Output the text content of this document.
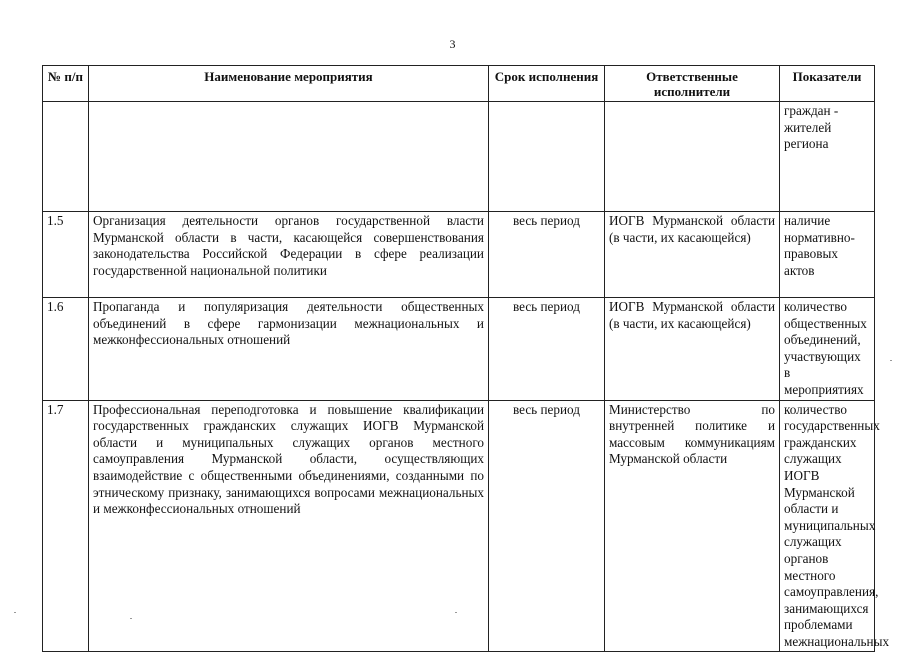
3
№ п/п	Наименование мероприятия	Срок исполнения	Ответственные исполнители	Показатели
				граждан - жителей региона
1.5	Организация деятельности органов государственной власти Мурманской области в части, касающейся совершенствования законодательства Российской Федерации в сфере реализации государственной национальной политики	весь период	ИОГВ Мурманской области (в части, их касающейся)	наличие нормативно-правовых актов
1.6	Пропаганда и популяризация деятельности общественных объединений в сфере гармонизации межнациональных и межконфессиональных отношений	весь период	ИОГВ Мурманской области (в части, их касающейся)	количество общественных объединений, участвующих в мероприятиях
1.7	Профессиональная переподготовка и повышение квалификации государственных гражданских служащих ИОГВ Мурманской области и муниципальных служащих органов местного самоуправления Мурманской области, осуществляющих взаимодействие с общественными объединениями, созданными по этническому признаку, занимающихся вопросами межнациональных и межконфессиональных отношений	весь период	Министерство по внутренней политике и массовым коммуникациям Мурманской области	количество государственных гражданских служащих ИОГВ Мурманской области и муниципальных служащих органов местного самоуправления, занимающихся проблемами межнациональных
